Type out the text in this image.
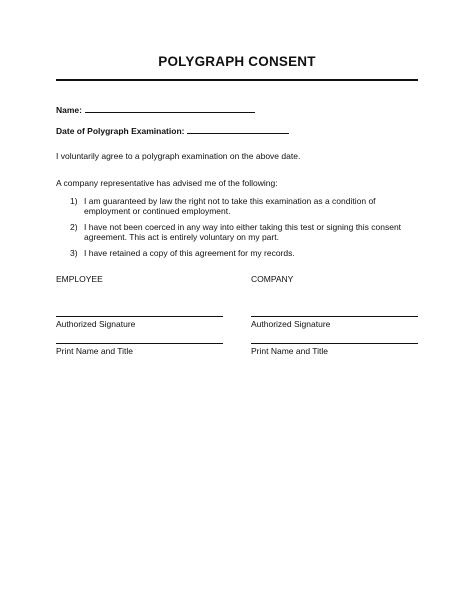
POLYGRAPH CONSENT
Name:
Date of Polygraph Examination:
I voluntarily agree to a polygraph examination on the above date.
A company representative has advised me of the following:
1) I am guaranteed by law the right not to take this examination as a condition of employment or continued employment.
2) I have not been coerced in any way into either taking this test or signing this consent agreement. This act is entirely voluntary on my part.
3) I have retained a copy of this agreement for my records.
EMPLOYEE
Authorized Signature
Print Name and Title
COMPANY
Authorized Signature
Print Name and Title
